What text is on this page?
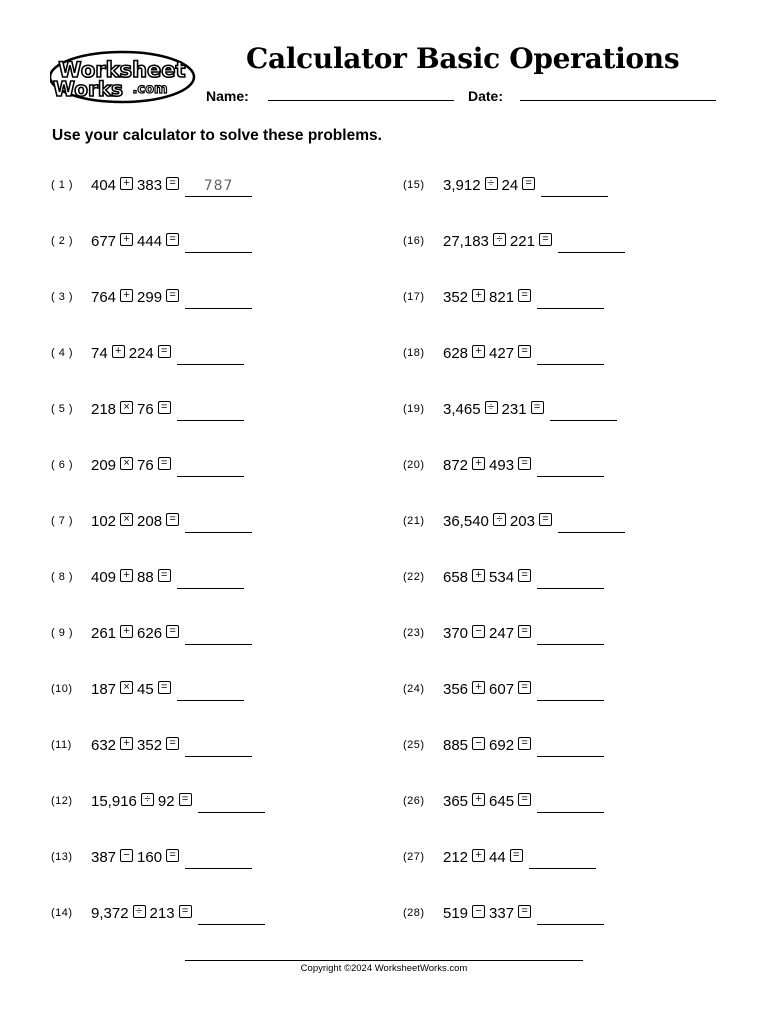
Worksheet
Works .com
Calculator Basic Operations
Name:	Date:
Use your calculator to solve these problems.
( 1 )	404 + 383 =	787
( 2 )	677 + 444 =
( 3 )	764 + 299 =
( 4 )	74 + 224 =
( 5 )	218 × 76 =
( 6 )	209 × 76 =
( 7 )	102 × 208 =
( 8 )	409 + 88 =
( 9 )	261 + 626 =
(10)	187 × 45 =
(11)	632 + 352 =
(12)	15,916 ÷ 92 =
(13)	387 − 160 =
(14)	9,372 ÷ 213 =
(15)	3,912 ÷ 24 =
(16)	27,183 ÷ 221 =
(17)	352 + 821 =
(18)	628 + 427 =
(19)	3,465 ÷ 231 =
(20)	872 + 493 =
(21)	36,540 ÷ 203 =
(22)	658 + 534 =
(23)	370 − 247 =
(24)	356 + 607 =
(25)	885 − 692 =
(26)	365 + 645 =
(27)	212 + 44 =
(28)	519 − 337 =
Copyright ©2024 WorksheetWorks.com
